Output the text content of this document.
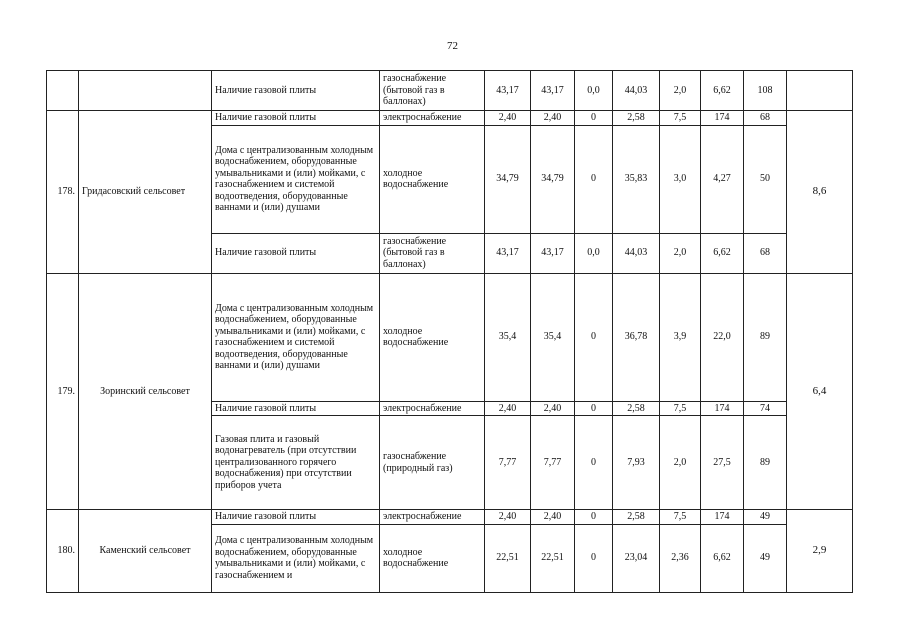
72
		Наличие газовой плиты	газоснабжение (бытовой газ в баллонах)	43,17	43,17	0,0	44,03	2,0	6,62	108	
178.	Гридасовский сельсовет	Наличие газовой плиты	электроснабжение	2,40	2,40	0	2,58	7,5	174	68	8,6
		Дома с централизованным холодным водоснабжением, оборудованные умывальниками и (или) мойками, с газоснабжением и системой водоотведения, оборудованные ваннами и (или) душами	холодное водоснабжение	34,79	34,79	0	35,83	3,0	4,27	50	
		Наличие газовой плиты	газоснабжение (бытовой газ в баллонах)	43,17	43,17	0,0	44,03	2,0	6,62	68	
179.	Зоринский сельсовет	Дома с централизованным холодным водоснабжением, оборудованные умывальниками и (или) мойками, с газоснабжением и системой водоотведения, оборудованные ваннами и (или) душами	холодное водоснабжение	35,4	35,4	0	36,78	3,9	22,0	89	6,4
		Наличие газовой плиты	электроснабжение	2,40	2,40	0	2,58	7,5	174	74	
		Газовая плита и газовый водонагреватель (при отсутствии централизованного горячего водоснабжения) при отсутствии приборов учета	газоснабжение (природный газ)	7,77	7,77	0	7,93	2,0	27,5	89	
180.	Каменский сельсовет	Наличие газовой плиты	электроснабжение	2,40	2,40	0	2,58	7,5	174	49	2,9
		Дома с централизованным холодным водоснабжением, оборудованные умывальниками и (или) мойками, с газоснабжением и	холодное водоснабжение	22,51	22,51	0	23,04	2,36	6,62	49	
